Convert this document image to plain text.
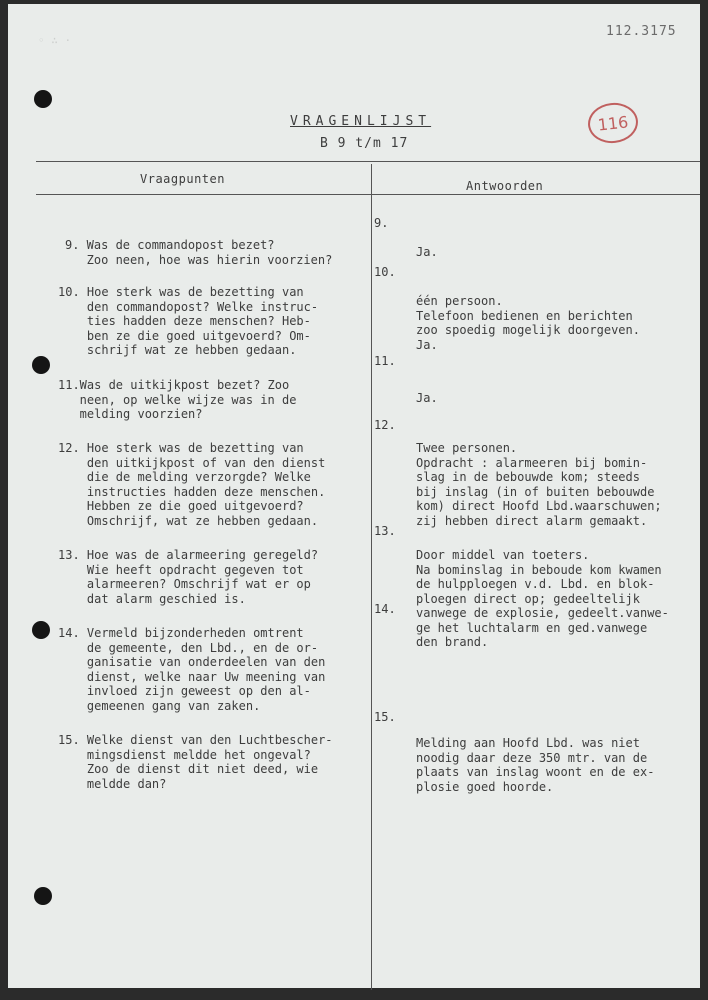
◦ ∴ ·
112.3175
116
VRAGENLIJST
B 9 t/m 17
Vraagpunten	Antwoorden

9. Was de commandopost bezet?
Zoo neen, hoe was hierin voorzien?

9.

Ja.

10. Hoe sterk was de bezetting van
den commandopost? Welke instruc-
ties hadden deze menschen? Heb-
ben ze die goed uitgevoerd? Om-
schrijf wat ze hebben gedaan.

10.

één persoon.
Telefoon bedienen en berichten
zoo spoedig mogelijk doorgeven.
Ja.

11.Was de uitkijkpost bezet? Zoo
neen, op welke wijze was in de
melding voorzien?

11.

Ja.

12. Hoe sterk was de bezetting van
den uitkijkpost of van den dienst
die de melding verzorgde? Welke
instructies hadden deze menschen.
Hebben ze die goed uitgevoerd?
Omschrijf, wat ze hebben gedaan.

12.

Twee personen.
Opdracht : alarmeeren bij bomin-
slag in de bebouwde kom; steeds
bij inslag (in of buiten bebouwde
kom) direct Hoofd Lbd.waarschuwen;
zij hebben direct alarm gemaakt.

13. Hoe was de alarmeering geregeld?
Wie heeft opdracht gegeven tot
alarmeeren? Omschrijf wat er op
dat alarm geschied is.

13.

Door middel van toeters.
Na bominslag in beboude kom kwamen
de hulpploegen v.d. Lbd. en blok-
ploegen direct op; gedeeltelijk
vanwege de explosie, gedeelt.vanwe-
ge het luchtalarm en ged.vanwege
den brand.

14. Vermeld bijzonderheden omtrent
de gemeente, den Lbd., en de or-
ganisatie van onderdeelen van den
dienst, welke naar Uw meening van
invloed zijn geweest op den al-
gemeenen gang van zaken.

14.

15. Welke dienst van den Luchtbescher-
mingsdienst meldde het ongeval?
Zoo de dienst dit niet deed, wie
meldde dan?

15.

Melding aan Hoofd Lbd. was niet
noodig daar deze 350 mtr. van de
plaats van inslag woont en de ex-
plosie goed hoorde.
